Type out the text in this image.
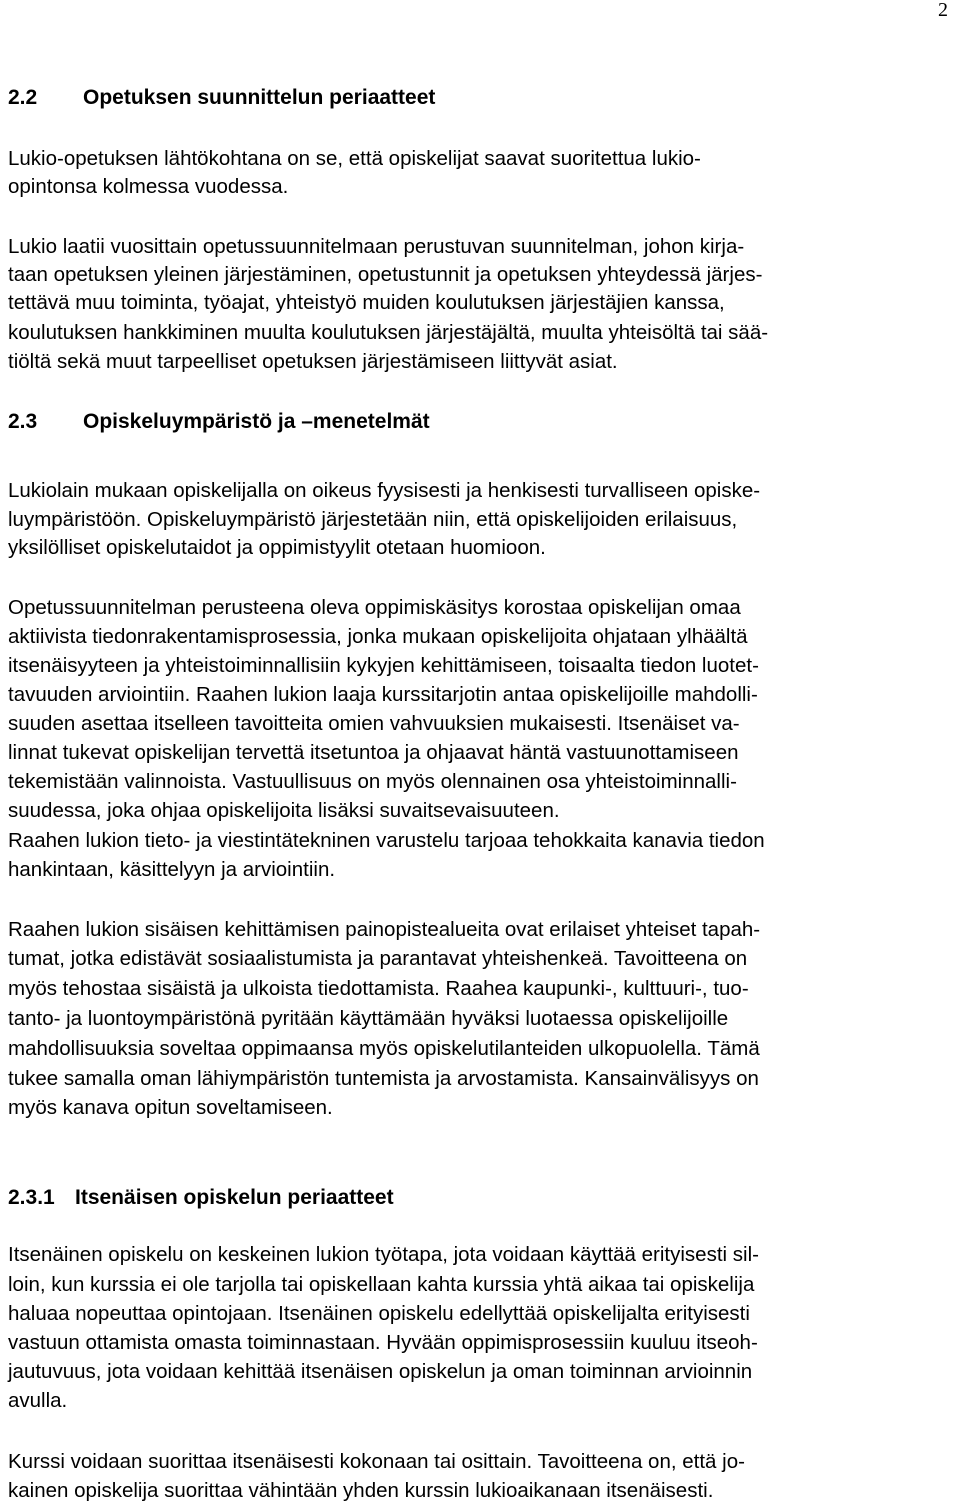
2
2.2 Opetuksen suunnittelun periaatteet
Lukio-opetuksen lähtökohtana on se, että opiskelijat saavat suoritettua lukio-
opintonsa kolmessa vuodessa.
Lukio laatii vuosittain opetussuunnitelmaan perustuvan suunnitelman, johon kirja-
taan opetuksen yleinen järjestäminen, opetustunnit ja opetuksen yhteydessä järjes-
tettävä muu toiminta, työajat, yhteistyö muiden koulutuksen järjestäjien kanssa,
koulutuksen hankkiminen muulta koulutuksen järjestäjältä, muulta yhteisöltä tai sää-
tiöltä sekä muut tarpeelliset opetuksen järjestämiseen liittyvät asiat.
2.3 Opiskeluympäristö ja –menetelmät
Lukiolain mukaan opiskelijalla on oikeus fyysisesti ja henkisesti turvalliseen opiske-
luympäristöön. Opiskeluympäristö järjestetään niin, että opiskelijoiden erilaisuus,
yksilölliset opiskelutaidot ja oppimistyylit otetaan huomioon.
Opetussuunnitelman perusteena oleva oppimiskäsitys korostaa opiskelijan omaa
aktiivista tiedonrakentamisprosessia, jonka mukaan opiskelijoita ohjataan ylhäältä
itsenäisyyteen ja yhteistoiminnallisiin kykyjen kehittämiseen, toisaalta tiedon luotet-
tavuuden arviointiin. Raahen lukion laaja kurssitarjotin antaa opiskelijoille mahdolli-
suuden asettaa itselleen tavoitteita omien vahvuuksien mukaisesti. Itsenäiset va-
linnat tukevat opiskelijan tervettä itsetuntoa ja ohjaavat häntä vastuunottamiseen
tekemistään valinnoista. Vastuullisuus on myös olennainen osa yhteistoiminnalli-
suudessa, joka ohjaa opiskelijoita lisäksi suvaitsevaisuuteen.
Raahen lukion tieto- ja viestintätekninen varustelu tarjoaa tehokkaita kanavia tiedon
hankintaan, käsittelyyn ja arviointiin.
Raahen lukion sisäisen kehittämisen painopistealueita ovat erilaiset yhteiset tapah-
tumat, jotka edistävät sosiaalistumista ja parantavat yhteishenkeä. Tavoitteena on
myös tehostaa sisäistä ja ulkoista tiedottamista. Raahea kaupunki-, kulttuuri-, tuo-
tanto- ja luontoympäristönä pyritään käyttämään hyväksi luotaessa opiskelijoille
mahdollisuuksia soveltaa oppimaansa myös opiskelutilanteiden ulkopuolella. Tämä
tukee samalla oman lähiympäristön tuntemista ja arvostamista. Kansainvälisyys on
myös kanava opitun soveltamiseen.
2.3.1 Itsenäisen opiskelun periaatteet
Itsenäinen opiskelu on keskeinen lukion työtapa, jota voidaan käyttää erityisesti sil-
loin, kun kurssia ei ole tarjolla tai opiskellaan kahta kurssia yhtä aikaa tai opiskelija
haluaa nopeuttaa opintojaan. Itsenäinen opiskelu edellyttää opiskelijalta erityisesti
vastuun ottamista omasta toiminnastaan. Hyvään oppimisprosessiin kuuluu itseoh-
jautuvuus, jota voidaan kehittää itsenäisen opiskelun ja oman toiminnan arvioinnin
avulla.
Kurssi voidaan suorittaa itsenäisesti kokonaan tai osittain. Tavoitteena on, että jo-
kainen opiskelija suorittaa vähintään yhden kurssin lukioaikanaan itsenäisesti.
